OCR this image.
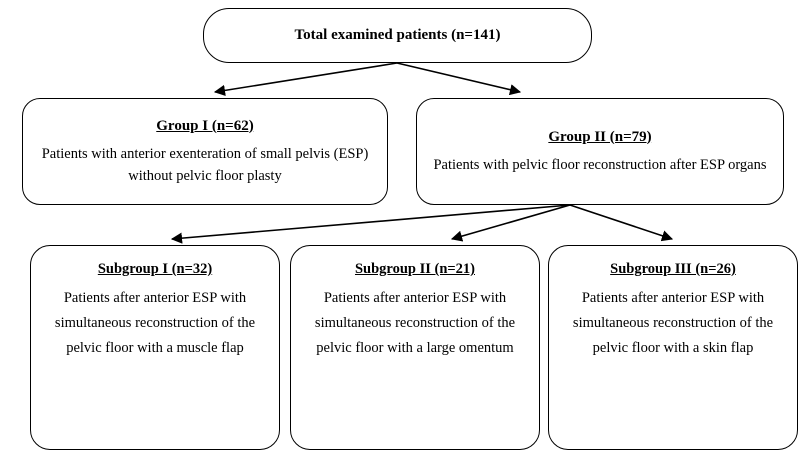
Total examined patients (n=141)
Group I (n=62)
Patients with anterior exenteration of small pelvis (ESP) without pelvic floor plasty
Group II (n=79)
Patients with pelvic floor reconstruction after ESP organs
Subgroup I (n=32)
Patients after anterior ESP with simultaneous reconstruction of the pelvic floor with a muscle flap
Subgroup II (n=21)
Patients after anterior ESP with simultaneous reconstruction of the pelvic floor with a large omentum
Subgroup III (n=26)
Patients after anterior ESP with simultaneous reconstruction of the pelvic floor with a skin flap
